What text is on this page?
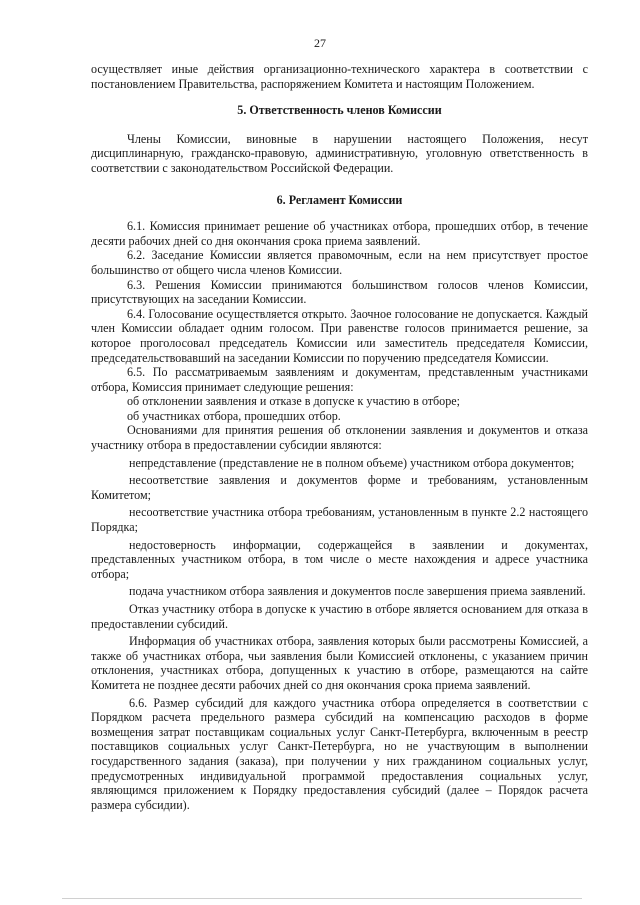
27

осуществляет иные действия организационно-технического характера в соответствии с постановлением Правительства, распоряжением Комитета и настоящим Положением.

5. Ответственность членов Комиссии

Члены Комиссии, виновные в нарушении настоящего Положения, несут дисциплинарную, гражданско-правовую, административную, уголовную ответственность в соответствии с законодательством Российской Федерации.

6. Регламент Комиссии

6.1. Комиссия принимает решение об участниках отбора, прошедших отбор, в течение десяти рабочих дней со дня окончания срока приема заявлений.

6.2. Заседание Комиссии является правомочным, если на нем присутствует простое большинство от общего числа членов Комиссии.

6.3. Решения Комиссии принимаются большинством голосов членов Комиссии, присутствующих на заседании Комиссии.

6.4. Голосование осуществляется открыто. Заочное голосование не допускается. Каждый член Комиссии обладает одним голосом. При равенстве голосов принимается решение, за которое проголосовал председатель Комиссии или заместитель председателя Комиссии, председательствовавший на заседании Комиссии по поручению председателя Комиссии.

6.5. По рассматриваемым заявлениям и документам, представленным участниками отбора, Комиссия принимает следующие решения:

об отклонении заявления и отказе в допуске к участию в отборе;

об участниках отбора, прошедших отбор.

Основаниями для принятия решения об отклонении заявления и документов и отказа участнику отбора в предоставлении субсидии являются:

непредставление (представление не в полном объеме) участником отбора документов;

несоответствие заявления и документов форме и требованиям, установленным Комитетом;

несоответствие участника отбора требованиям, установленным в пункте 2.2 настоящего Порядка;

недостоверность информации, содержащейся в заявлении и документах, представленных участником отбора, в том числе о месте нахождения и адресе участника отбора;

подача участником отбора заявления и документов после завершения приема заявлений.

Отказ участнику отбора в допуске к участию в отборе является основанием для отказа в предоставлении субсидий.

Информация об участниках отбора, заявления которых были рассмотрены Комиссией, а также об участниках отбора, чьи заявления были Комиссией отклонены, с указанием причин отклонения, участниках отбора, допущенных к участию в отборе, размещаются на сайте Комитета не позднее десяти рабочих дней со дня окончания срока приема заявлений.

6.6. Размер субсидий для каждого участника отбора определяется в соответствии с Порядком расчета предельного размера субсидий на компенсацию расходов в форме возмещения затрат поставщикам социальных услуг Санкт-Петербурга, включенным в реестр поставщиков социальных услуг Санкт-Петербурга, но не участвующим в выполнении государственного задания (заказа), при получении у них гражданином социальных услуг, предусмотренных индивидуальной программой предоставления социальных услуг, являющимся приложением к Порядку предоставления субсидий (далее – Порядок расчета размера субсидии).
